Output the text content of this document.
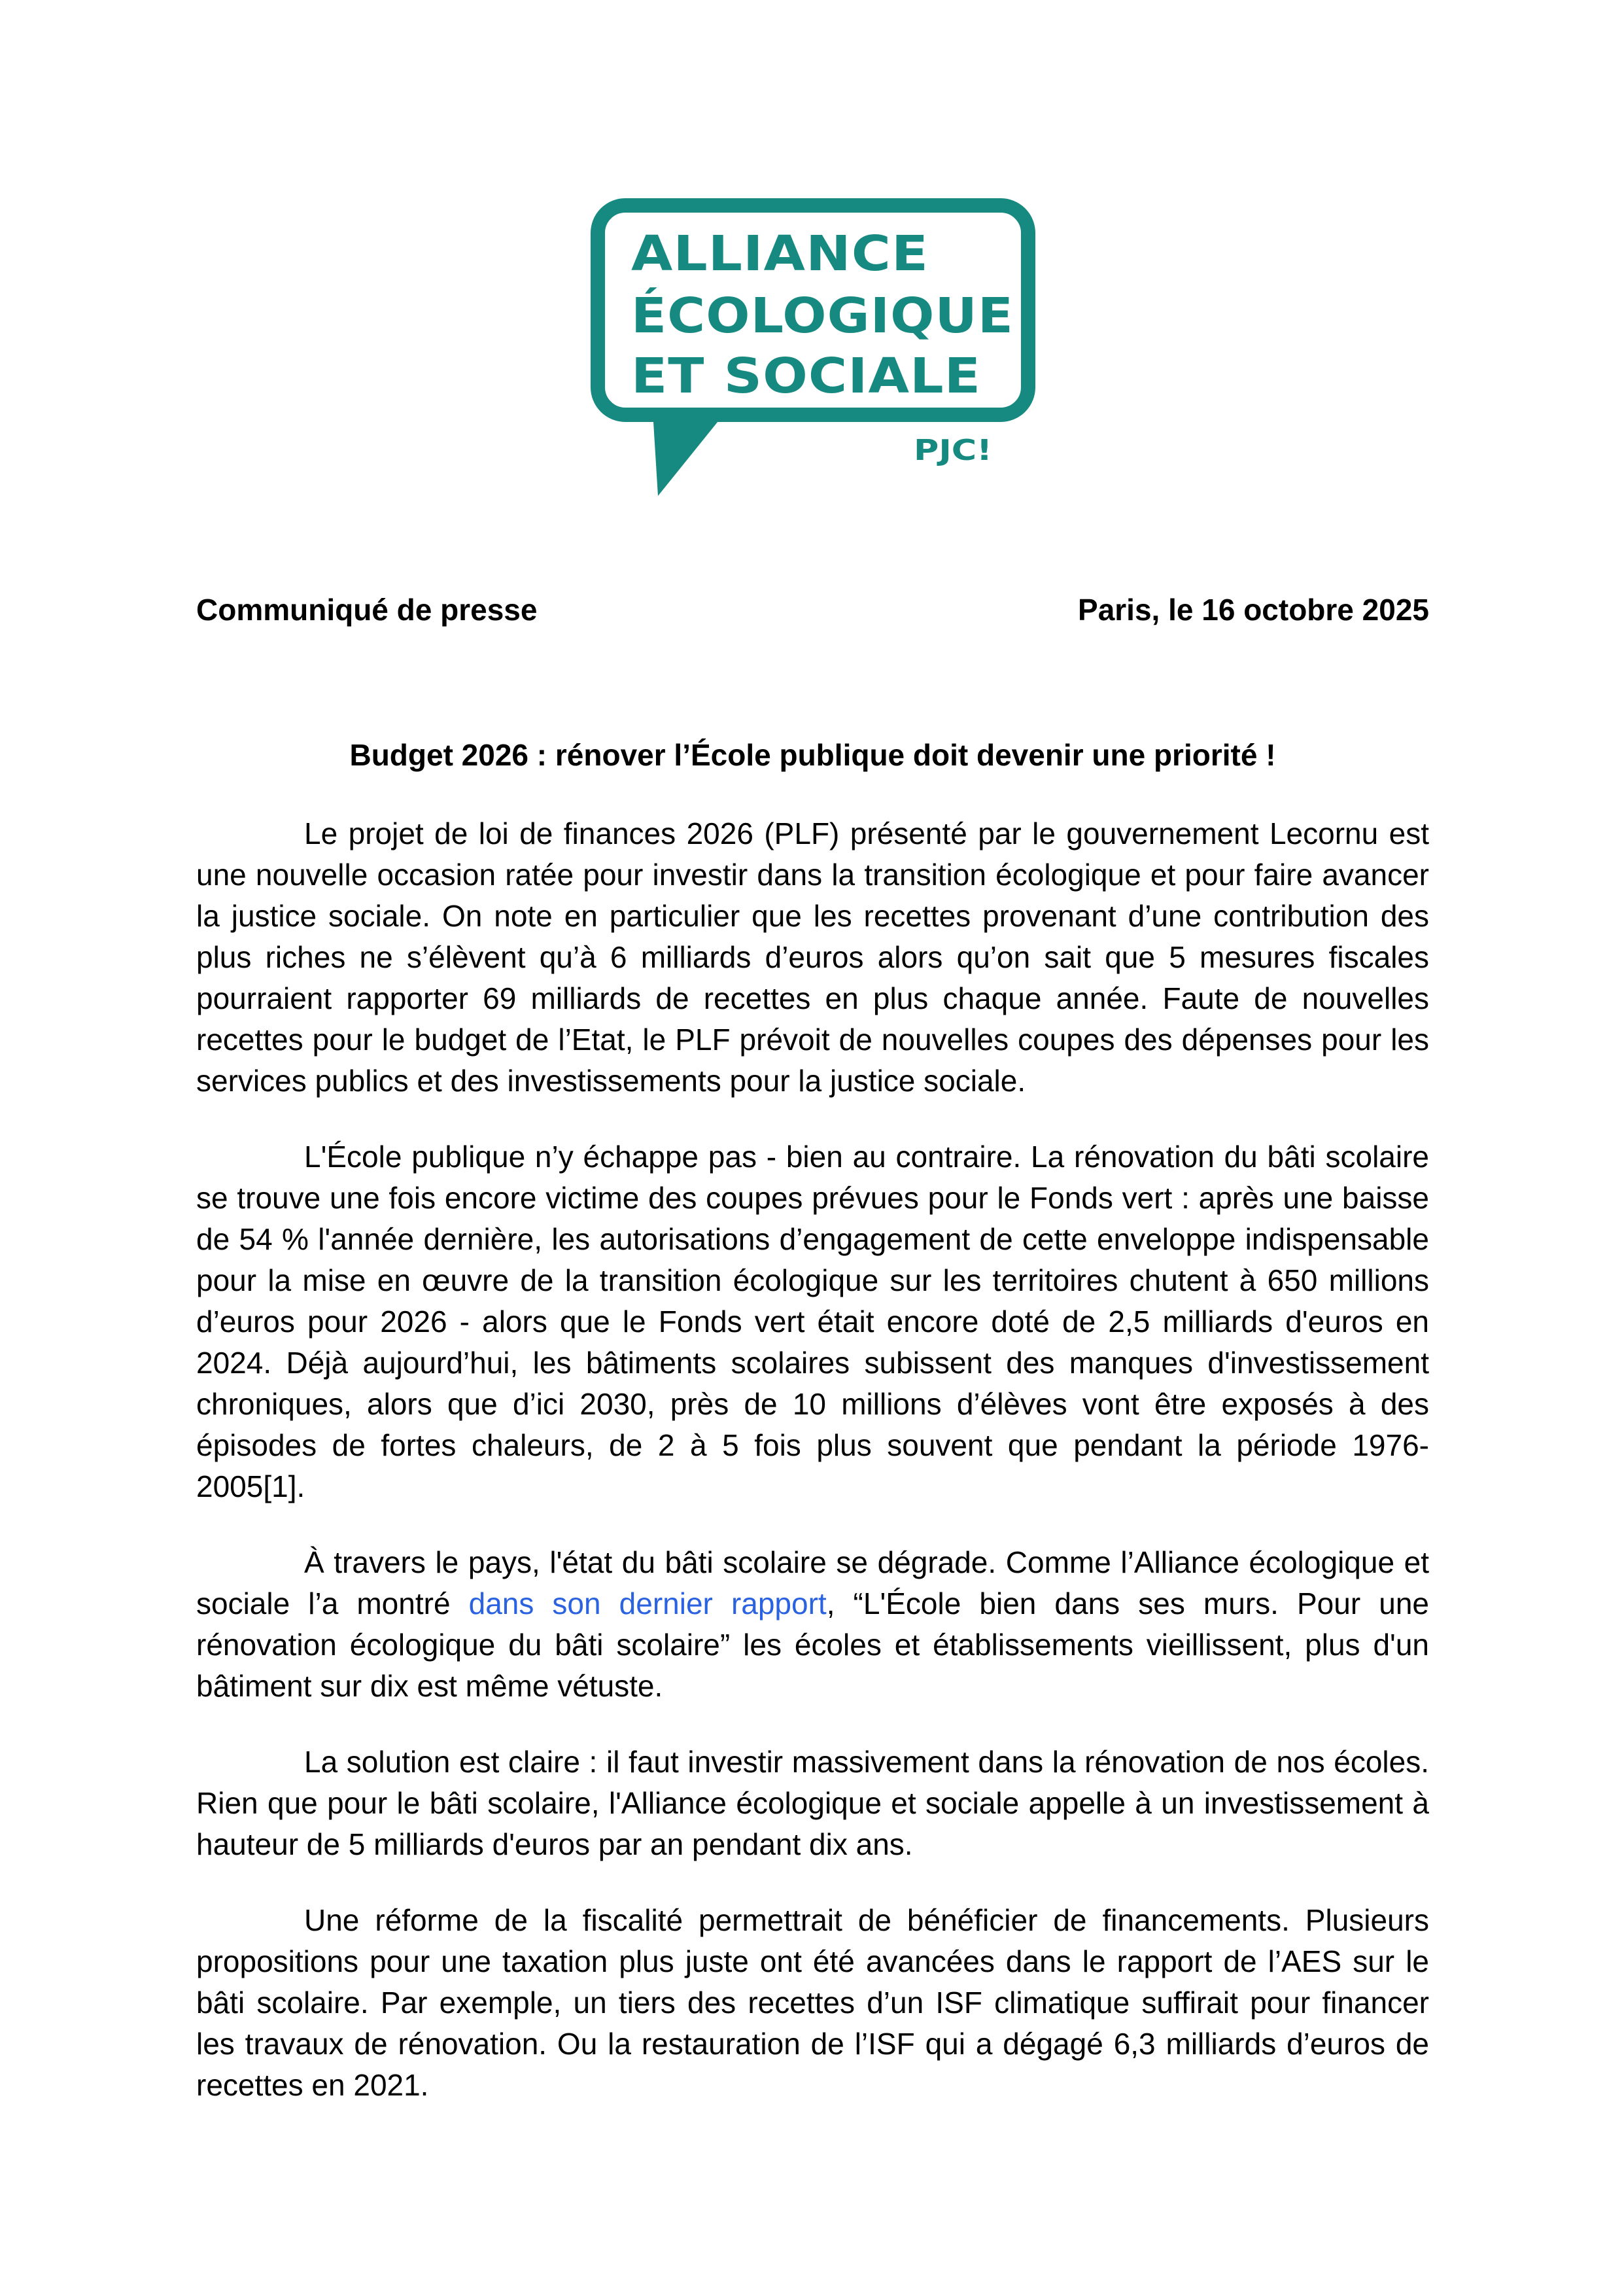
ALLIANCE
ÉCOLOGIQUE
ET SOCIALE
PJC!
Communiqué de presse	Paris, le 16 octobre 2025
Budget 2026 : rénover l’École publique doit devenir une priorité !

Le projet de loi de finances 2026 (PLF) présenté par le gouvernement Lecornu est une nouvelle occasion ratée pour investir dans la transition écologique et pour faire avancer la justice sociale. On note en particulier que les recettes provenant d’une contribution des plus riches ne s’élèvent qu’à 6 milliards d’euros alors qu’on sait que 5 mesures fiscales pourraient rapporter 69 milliards de recettes en plus chaque année. Faute de nouvelles recettes pour le budget de l’Etat, le PLF prévoit de nouvelles coupes des dépenses pour les services publics et des investissements pour la justice sociale.

L'École publique n’y échappe pas - bien au contraire. La rénovation du bâti scolaire se trouve une fois encore victime des coupes prévues pour le Fonds vert : après une baisse de 54 % l'année dernière, les autorisations d’engagement de cette enveloppe indispensable pour la mise en œuvre de la transition écologique sur les territoires chutent à 650 millions d’euros pour 2026 - alors que le Fonds vert était encore doté de 2,5 milliards d'euros en 2024. Déjà aujourd’hui, les bâtiments scolaires subissent des manques d'investissement chroniques, alors que d’ici 2030, près de 10 millions d’élèves vont être exposés à des épisodes de fortes chaleurs, de 2 à 5 fois plus souvent que pendant la période 1976-2005[1].

À travers le pays, l'état du bâti scolaire se dégrade. Comme l’Alliance écologique et sociale l’a montré dans son dernier rapport, “L'École bien dans ses murs. Pour une rénovation écologique du bâti scolaire” les écoles et établissements vieillissent, plus d'un bâtiment sur dix est même vétuste.

La solution est claire : il faut investir massivement dans la rénovation de nos écoles. Rien que pour le bâti scolaire, l'Alliance écologique et sociale appelle à un investissement à hauteur de 5 milliards d'euros par an pendant dix ans.

Une réforme de la fiscalité permettrait de bénéficier de financements. Plusieurs propositions pour une taxation plus juste ont été avancées dans le rapport de l’AES sur le bâti scolaire. Par exemple, un tiers des recettes d’un ISF climatique suffirait pour financer les travaux de rénovation. Ou la restauration de l’ISF qui a dégagé 6,3 milliards d’euros de recettes en 2021.
